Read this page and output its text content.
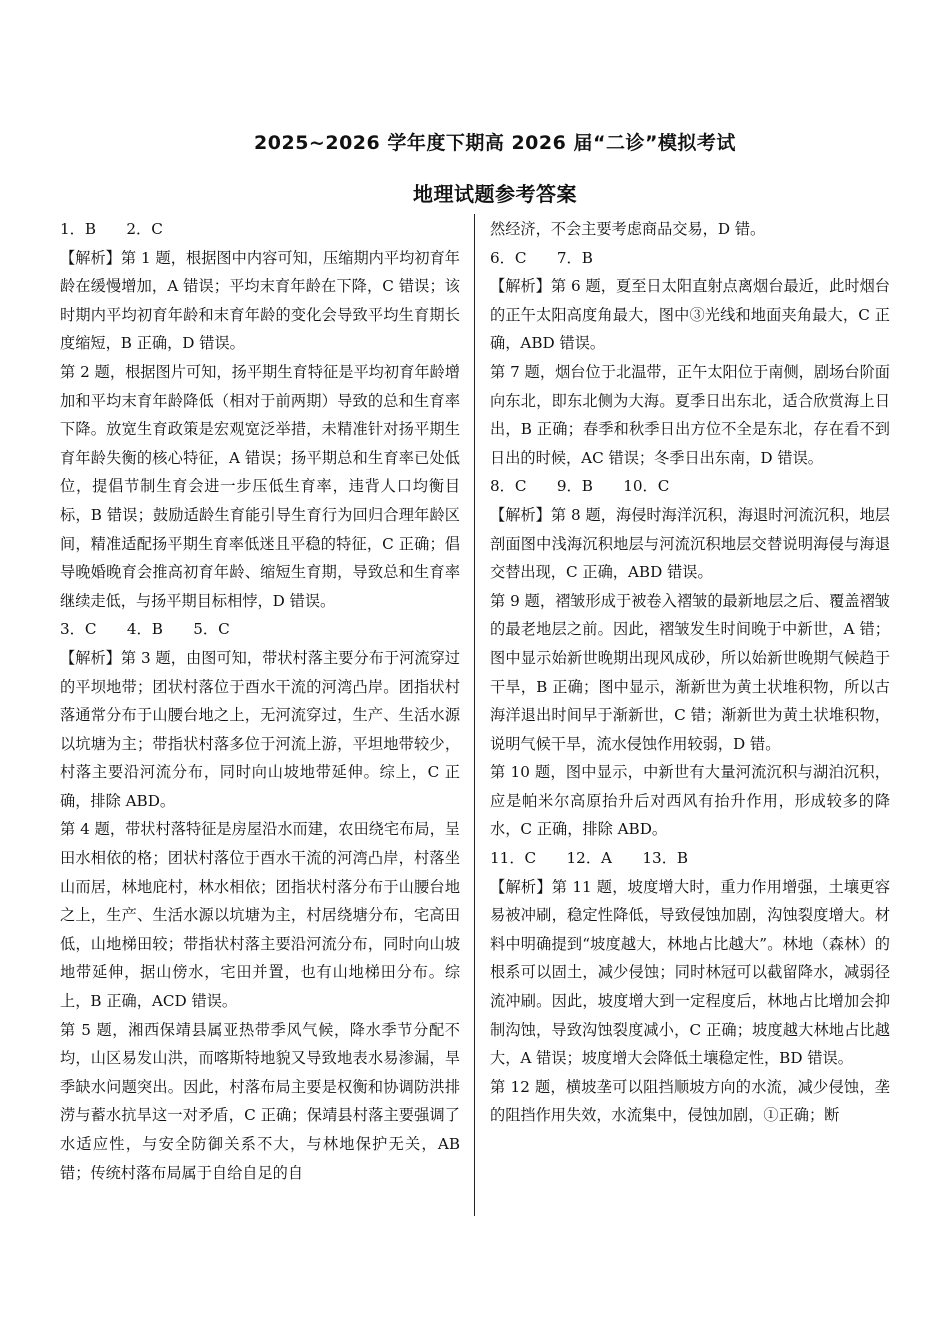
2025~2026 学年度下期高 2026 届“二诊”模拟考试
地理试题参考答案

1．B　　2．C

【解析】第 1 题，根据图中内容可知，压缩期内平均初育年龄在缓慢增加，A 错误；平均末育年龄在下降，C 错误；该时期内平均初育年龄和末育年龄的变化会导致平均生育期长度缩短，B 正确，D 错误。

第 2 题，根据图片可知，扬平期生育特征是平均初育年龄增加和平均末育年龄降低（相对于前两期）导致的总和生育率下降。放宽生育政策是宏观宽泛举措，未精准针对扬平期生育年龄失衡的核心特征，A 错误；扬平期总和生育率已处低位，提倡节制生育会进一步压低生育率，违背人口均衡目标，B 错误；鼓励适龄生育能引导生育行为回归合理年龄区间，精准适配扬平期生育率低迷且平稳的特征，C 正确；倡导晚婚晚育会推高初育年龄、缩短生育期，导致总和生育率继续走低，与扬平期目标相悖，D 错误。

3．C　　4．B　　5．C

【解析】第 3 题，由图可知，带状村落主要分布于河流穿过的平坝地带；团状村落位于酉水干流的河湾凸岸。团指状村落通常分布于山腰台地之上，无河流穿过，生产、生活水源以坑塘为主；带指状村落多位于河流上游，平坦地带较少，村落主要沿河流分布，同时向山坡地带延伸。综上，C 正确，排除 ABD。

第 4 题，带状村落特征是房屋沿水而建，农田绕宅布局，呈田水相依的格；团状村落位于酉水干流的河湾凸岸，村落坐山而居，林地庇村，林水相依；团指状村落分布于山腰台地之上，生产、生活水源以坑塘为主，村居绕塘分布，宅高田低，山地梯田较；带指状村落主要沿河流分布，同时向山坡地带延伸，据山傍水，宅田并置，也有山地梯田分布。综上，B 正确，ACD 错误。

第 5 题，湘西保靖县属亚热带季风气候，降水季节分配不均，山区易发山洪，而喀斯特地貌又导致地表水易渗漏，旱季缺水问题突出。因此，村落布局主要是权衡和协调防洪排涝与蓄水抗旱这一对矛盾，C 正确；保靖县村落主要强调了水适应性，与安全防御关系不大，与林地保护无关，AB 错；传统村落布局属于自给自足的自

然经济，不会主要考虑商品交易，D 错。

6．C　　7．B

【解析】第 6 题，夏至日太阳直射点离烟台最近，此时烟台的正午太阳高度角最大，图中③光线和地面夹角最大，C 正确，ABD 错误。

第 7 题，烟台位于北温带，正午太阳位于南侧，剧场台阶面向东北，即东北侧为大海。夏季日出东北，适合欣赏海上日出，B 正确；春季和秋季日出方位不全是东北，存在看不到日出的时候，AC 错误；冬季日出东南，D 错误。

8．C　　9．B　　10．C

【解析】第 8 题，海侵时海洋沉积，海退时河流沉积，地层剖面图中浅海沉积地层与河流沉积地层交替说明海侵与海退交替出现，C 正确，ABD 错误。

第 9 题，褶皱形成于被卷入褶皱的最新地层之后、覆盖褶皱的最老地层之前。因此，褶皱发生时间晚于中新世，A 错；图中显示始新世晚期出现风成砂，所以始新世晚期气候趋于干旱，B 正确；图中显示，渐新世为黄土状堆积物，所以古海洋退出时间早于渐新世，C 错；渐新世为黄土状堆积物，说明气候干旱，流水侵蚀作用较弱，D 错。

第 10 题，图中显示，中新世有大量河流沉积与湖泊沉积，应是帕米尔高原抬升后对西风有抬升作用，形成较多的降水，C 正确，排除 ABD。

11．C　　12．A　　13．B

【解析】第 11 题，坡度增大时，重力作用增强，土壤更容易被冲刷，稳定性降低，导致侵蚀加剧，沟蚀裂度增大。材料中明确提到“坡度越大，林地占比越大”。林地（森林）的根系可以固土，减少侵蚀；同时林冠可以截留降水，减弱径流冲刷。因此，坡度增大到一定程度后，林地占比增加会抑制沟蚀，导致沟蚀裂度减小，C 正确；坡度越大林地占比越大，A 错误；坡度增大会降低土壤稳定性，BD 错误。

第 12 题，横坡垄可以阻挡顺坡方向的水流，减少侵蚀，垄的阻挡作用失效，水流集中，侵蚀加剧，①正确；断
